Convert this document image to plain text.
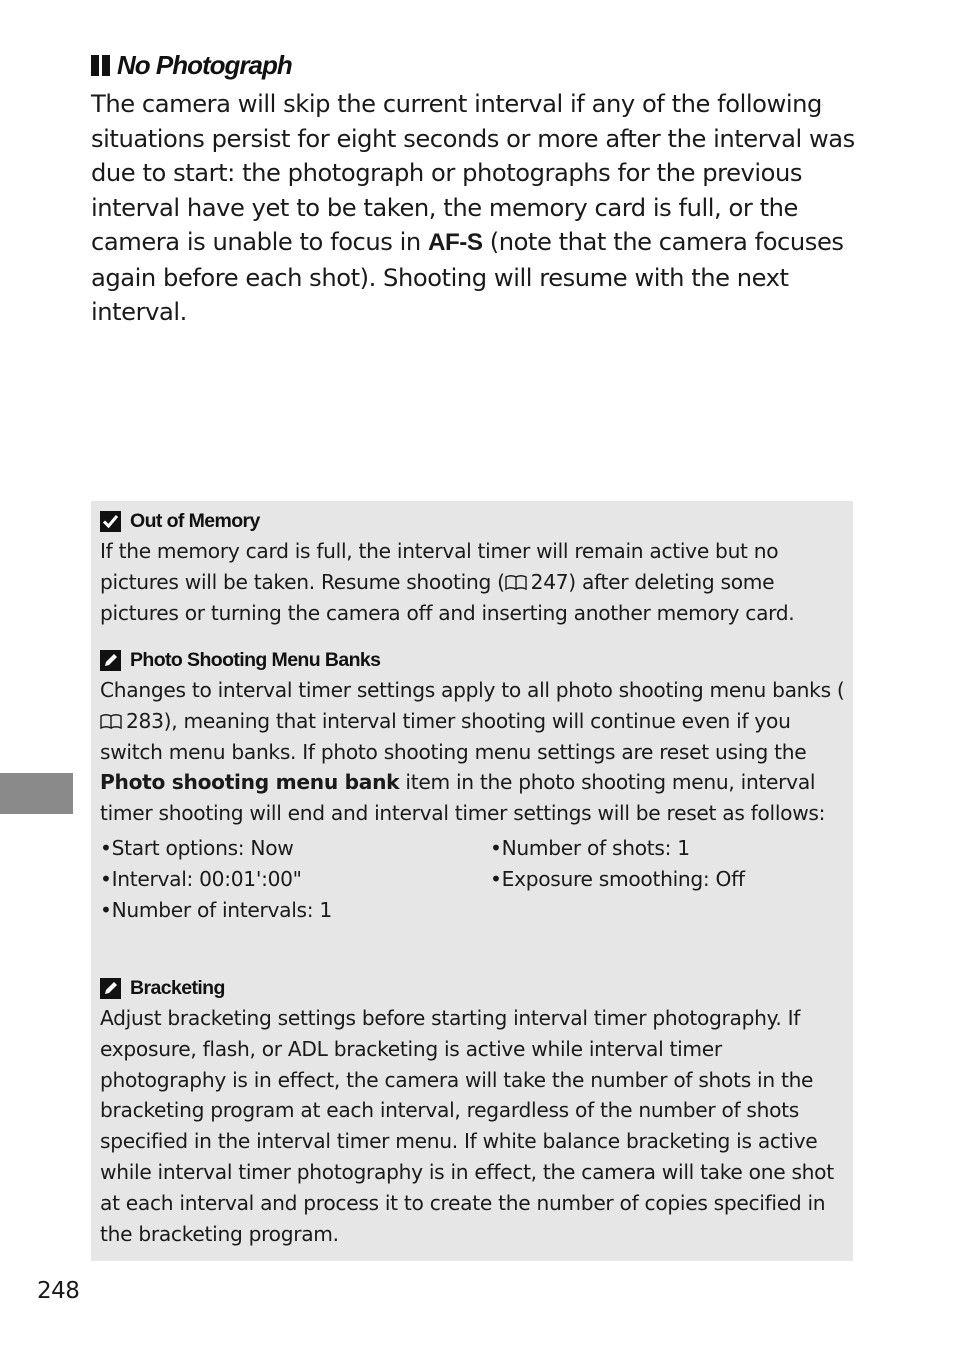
No Photograph

The camera will skip the current interval if any of the following situations persist for eight seconds or more after the interval was due to start: the photograph or photographs for the previous interval have yet to be taken, the memory card is full, or the camera is unable to focus in AF-S (note that the camera focuses again before each shot). Shooting will resume with the next interval.

Out of Memory

If the memory card is full, the interval timer will remain active but no pictures will be taken. Resume shooting ( 247) after deleting some pictures or turning the camera off and inserting another memory card.

Photo Shooting Menu Banks

Changes to interval timer settings apply to all photo shooting menu banks (283), meaning that interval timer shooting will continue even if you switch menu banks. If photo shooting menu settings are reset using the Photo shooting menu bank item in the photo shooting menu, interval timer shooting will end and interval timer settings will be reset as follows:

• Start options: Now	• Number of shots: 1
• Interval: 00:01':00"	• Exposure smoothing: Off
• Number of intervals: 1
Bracketing

Adjust bracketing settings before starting interval timer photography. If exposure, flash, or ADL bracketing is active while interval timer photography is in effect, the camera will take the number of shots in the bracketing program at each interval, regardless of the number of shots specified in the interval timer menu. If white balance bracketing is active while interval timer photography is in effect, the camera will take one shot at each interval and process it to create the number of copies specified in the bracketing program.

248
